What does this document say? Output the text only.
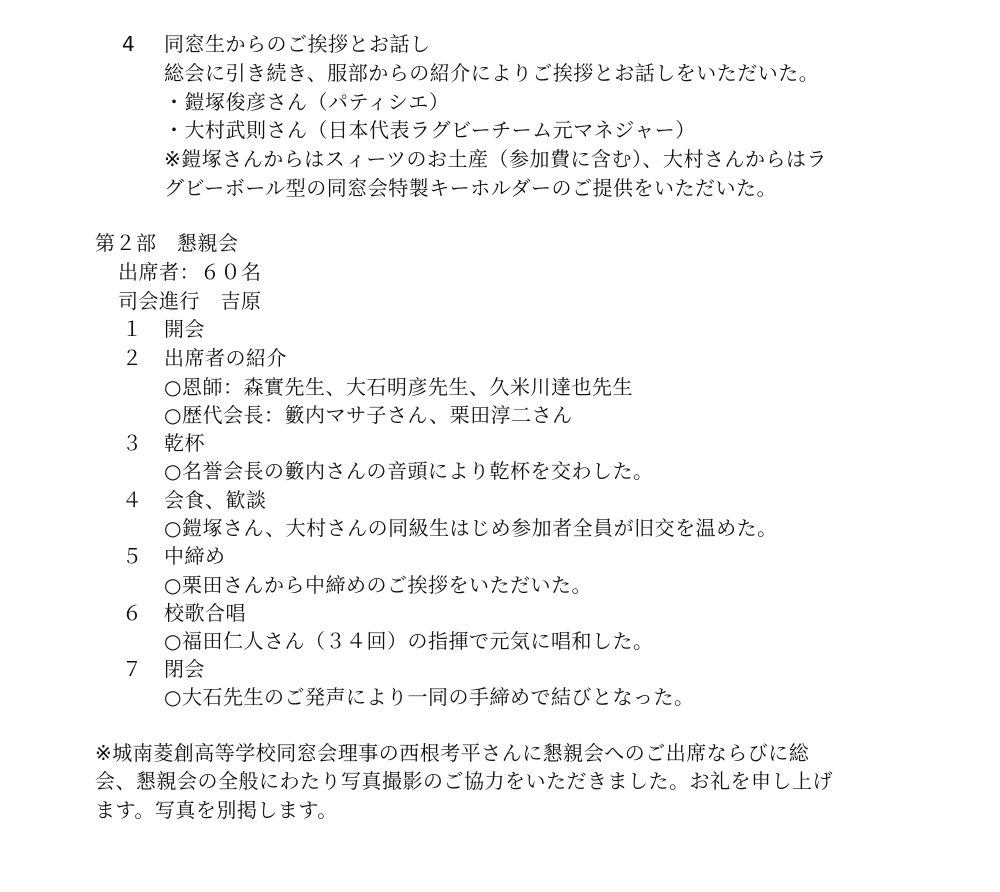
4 同窓生からのご挨拶とお話し
総会に引き続き、服部からの紹介によりご挨拶とお話しをいただいた。
・鎧塚俊彦さん（パティシエ）
・大村武則さん（日本代表ラグビーチーム元マネジャー）
※鎧塚さんからはスィーツのお土産（参加費に含む）、大村さんからはラ
グビーボール型の同窓会特製キーホルダーのご提供をいただいた。
第２部　懇親会
出席者：６０名
司会進行　吉原
１ 開会
２ 出席者の紹介
○恩師：森實先生、大石明彦先生、久米川達也先生
○歴代会長：籔内マサ子さん、栗田淳二さん
３ 乾杯
○名誉会長の籔内さんの音頭により乾杯を交わした。
４ 会食、歓談
○鎧塚さん、大村さんの同級生はじめ参加者全員が旧交を温めた。
５ 中締め
○栗田さんから中締めのご挨拶をいただいた。
６ 校歌合唱
○福田仁人さん（３４回）の指揮で元気に唱和した。
７ 閉会
○大石先生のご発声により一同の手締めで結びとなった。
※城南菱創高等学校同窓会理事の西根考平さんに懇親会へのご出席ならびに総
会、懇親会の全般にわたり写真撮影のご協力をいただきました。お礼を申し上げ
ます。写真を別掲します。
